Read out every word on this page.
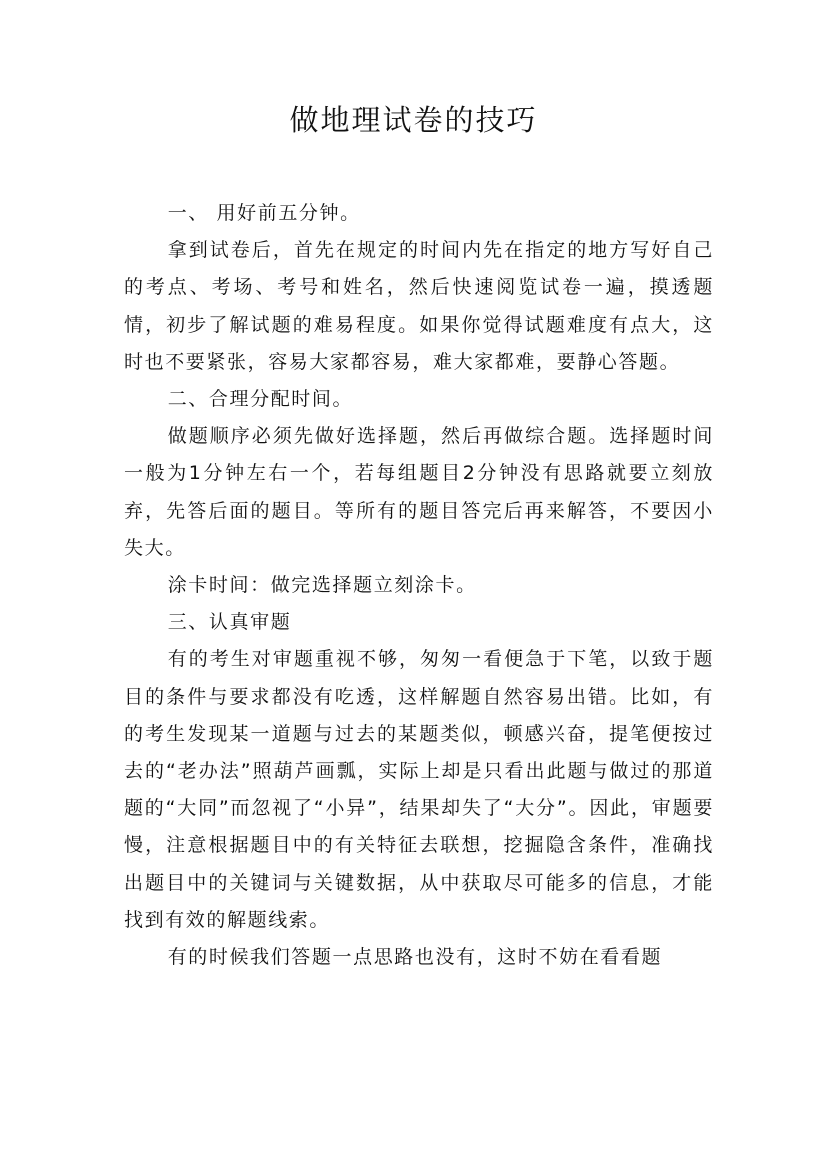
做地理试卷的技巧

一、 用好前五分钟。

拿到试卷后，首先在规定的时间内先在指定的地方写好自己的考点、考场、考号和姓名，然后快速阅览试卷一遍，摸透题情，初步了解试题的难易程度。如果你觉得试题难度有点大，这时也不要紧张，容易大家都容易，难大家都难，要静心答题。

二、合理分配时间。

做题顺序必须先做好选择题，然后再做综合题。选择题时间一般为1分钟左右一个，若每组题目2分钟没有思路就要立刻放弃，先答后面的题目。等所有的题目答完后再来解答，不要因小失大。

涂卡时间：做完选择题立刻涂卡。

三、认真审题

有的考生对审题重视不够，匆匆一看便急于下笔，以致于题目的条件与要求都没有吃透，这样解题自然容易出错。比如，有的考生发现某一道题与过去的某题类似，顿感兴奋，提笔便按过去的“老办法”照葫芦画瓢，实际上却是只看出此题与做过的那道题的“大同”而忽视了“小异”，结果却失了“大分”。因此，审题要慢，注意根据题目中的有关特征去联想，挖掘隐含条件，准确找出题目中的关键词与关键数据，从中获取尽可能多的信息，才能找到有效的解题线索。

有的时候我们答题一点思路也没有，这时不妨在看看题
